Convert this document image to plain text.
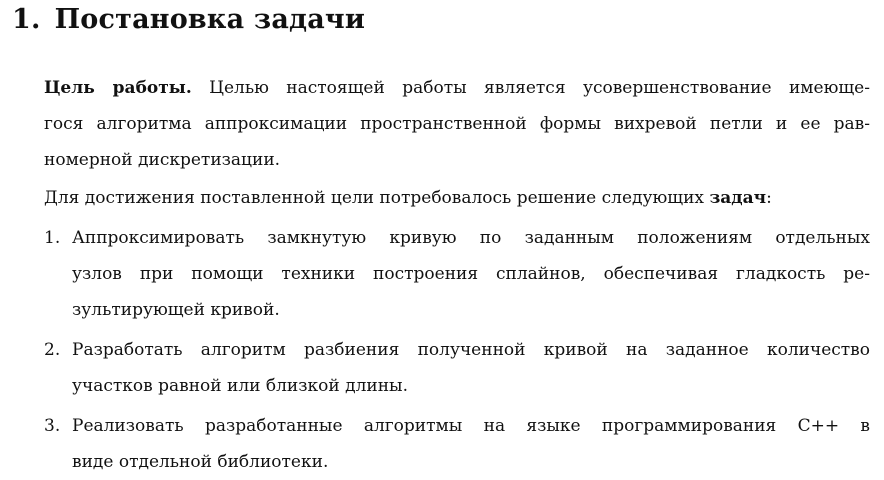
1. Постановка задачи

Цель работы. Целью настоящей работы является усовершенствование имеюще-
гося алгоритма аппроксимации пространственной формы вихревой петли и ее рав-
номерной дискретизации.

Для достижения поставленной цели потребовалось решение следующих задач:

1. Аппроксимировать замкнутую кривую по заданным положениям отдельных
узлов при помощи техники построения сплайнов, обеспечивая гладкость ре-
зультирующей кривой.
2. Разработать алгоритм разбиения полученной кривой на заданное количество
участков равной или близкой длины.
3. Реализовать разработанные алгоритмы на языке программирования C++ в
виде отдельной библиотеки.
